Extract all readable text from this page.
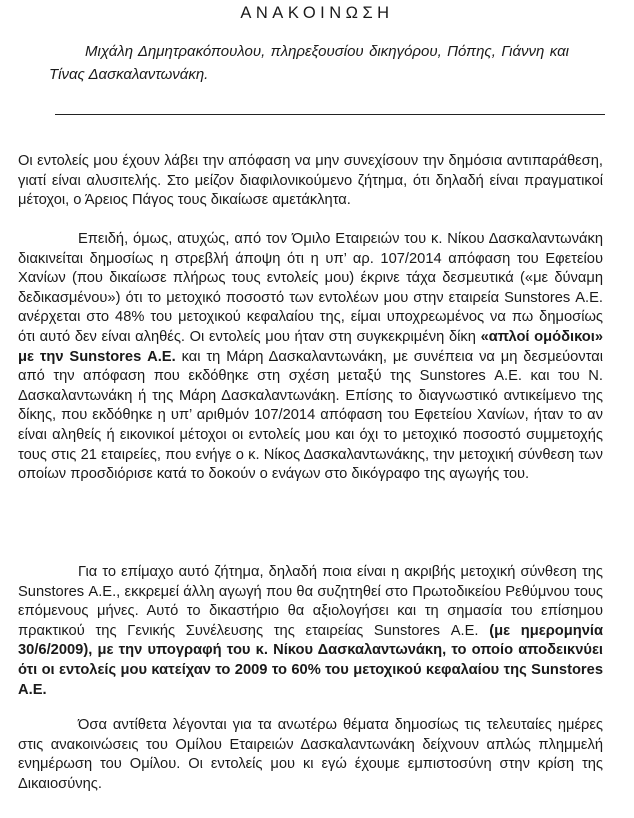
ΑΝΑΚΟΙΝΩΣΗ
Μιχάλη Δημητρακόπουλου, πληρεξουσίου δικηγόρου, Πόπης, Γιάννη και Τίνας Δασκαλαντωνάκη.

Οι εντολείς μου έχουν λάβει την απόφαση να μην συνεχίσουν την δημόσια αντιπαράθεση, γιατί είναι αλυσιτελής. Στο μείζον διαφιλονικούμενο ζήτημα, ότι δηλαδή είναι πραγματικοί μέτοχοι, ο Άρειος Πάγος τους δικαίωσε αμετάκλητα.

Επειδή, όμως, ατυχώς, από τον Όμιλο Εταιρειών του κ. Νίκου Δασκαλαντωνάκη διακινείται δημοσίως η στρεβλή άποψη ότι η υπ’ αρ. 107/2014 απόφαση του Εφετείου Χανίων (που δικαίωσε πλήρως τους εντολείς μου) έκρινε τάχα δεσμευτικά («με δύναμη δεδικασμένου») ότι το μετοχικό ποσοστό των εντολέων μου στην εταιρεία Sunstores Α.Ε. ανέρχεται στο 48% του μετοχικού κεφαλαίου της, είμαι υποχρεωμένος να πω δημοσίως ότι αυτό δεν είναι αληθές. Οι εντολείς μου ήταν στη συγκεκριμένη δίκη «απλοί ομόδικοι» με την Sunstores Α.Ε. και τη Μάρη Δασκαλαντωνάκη, με συνέπεια να μη δεσμεύονται από την απόφαση που εκδόθηκε στη σχέση μεταξύ της Sunstores Α.Ε. και του Ν. Δασκαλαντωνάκη ή της Μάρη Δασκαλαντωνάκη. Επίσης το διαγνωστικό αντικείμενο της δίκης, που εκδόθηκε η υπ’ αριθμόν 107/2014 απόφαση του Εφετείου Χανίων, ήταν το αν είναι αληθείς ή εικονικοί μέτοχοι οι εντολείς μου και όχι το μετοχικό ποσοστό συμμετοχής τους στις 21 εταιρείες, που ενήγε ο κ. Νίκος Δασκαλαντωνάκης, την μετοχική σύνθεση των οποίων προσδιόρισε κατά το δοκούν ο ενάγων στο δικόγραφο της αγωγής του.

Για το επίμαχο αυτό ζήτημα, δηλαδή ποια είναι η ακριβής μετοχική σύνθεση της Sunstores Α.Ε., εκκρεμεί άλλη αγωγή που θα συζητηθεί στο Πρωτοδικείου Ρεθύμνου τους επόμενους μήνες. Αυτό το δικαστήριο θα αξιολογήσει και τη σημασία του επίσημου πρακτικού της Γενικής Συνέλευσης της εταιρείας Sunstores Α.Ε. (με ημερομηνία 30/6/2009), με την υπογραφή του κ. Νίκου Δασκαλαντωνάκη, το οποίο αποδεικνύει ότι οι εντολείς μου κατείχαν το 2009 το 60% του μετοχικού κεφαλαίου της Sunstores Α.Ε.

Όσα αντίθετα λέγονται για τα ανωτέρω θέματα δημοσίως τις τελευταίες ημέρες στις ανακοινώσεις του Ομίλου Εταιρειών Δασκαλαντωνάκη δείχνουν απλώς πλημμελή ενημέρωση του Ομίλου. Οι εντολείς μου κι εγώ έχουμε εμπιστοσύνη στην κρίση της Δικαιοσύνης.
